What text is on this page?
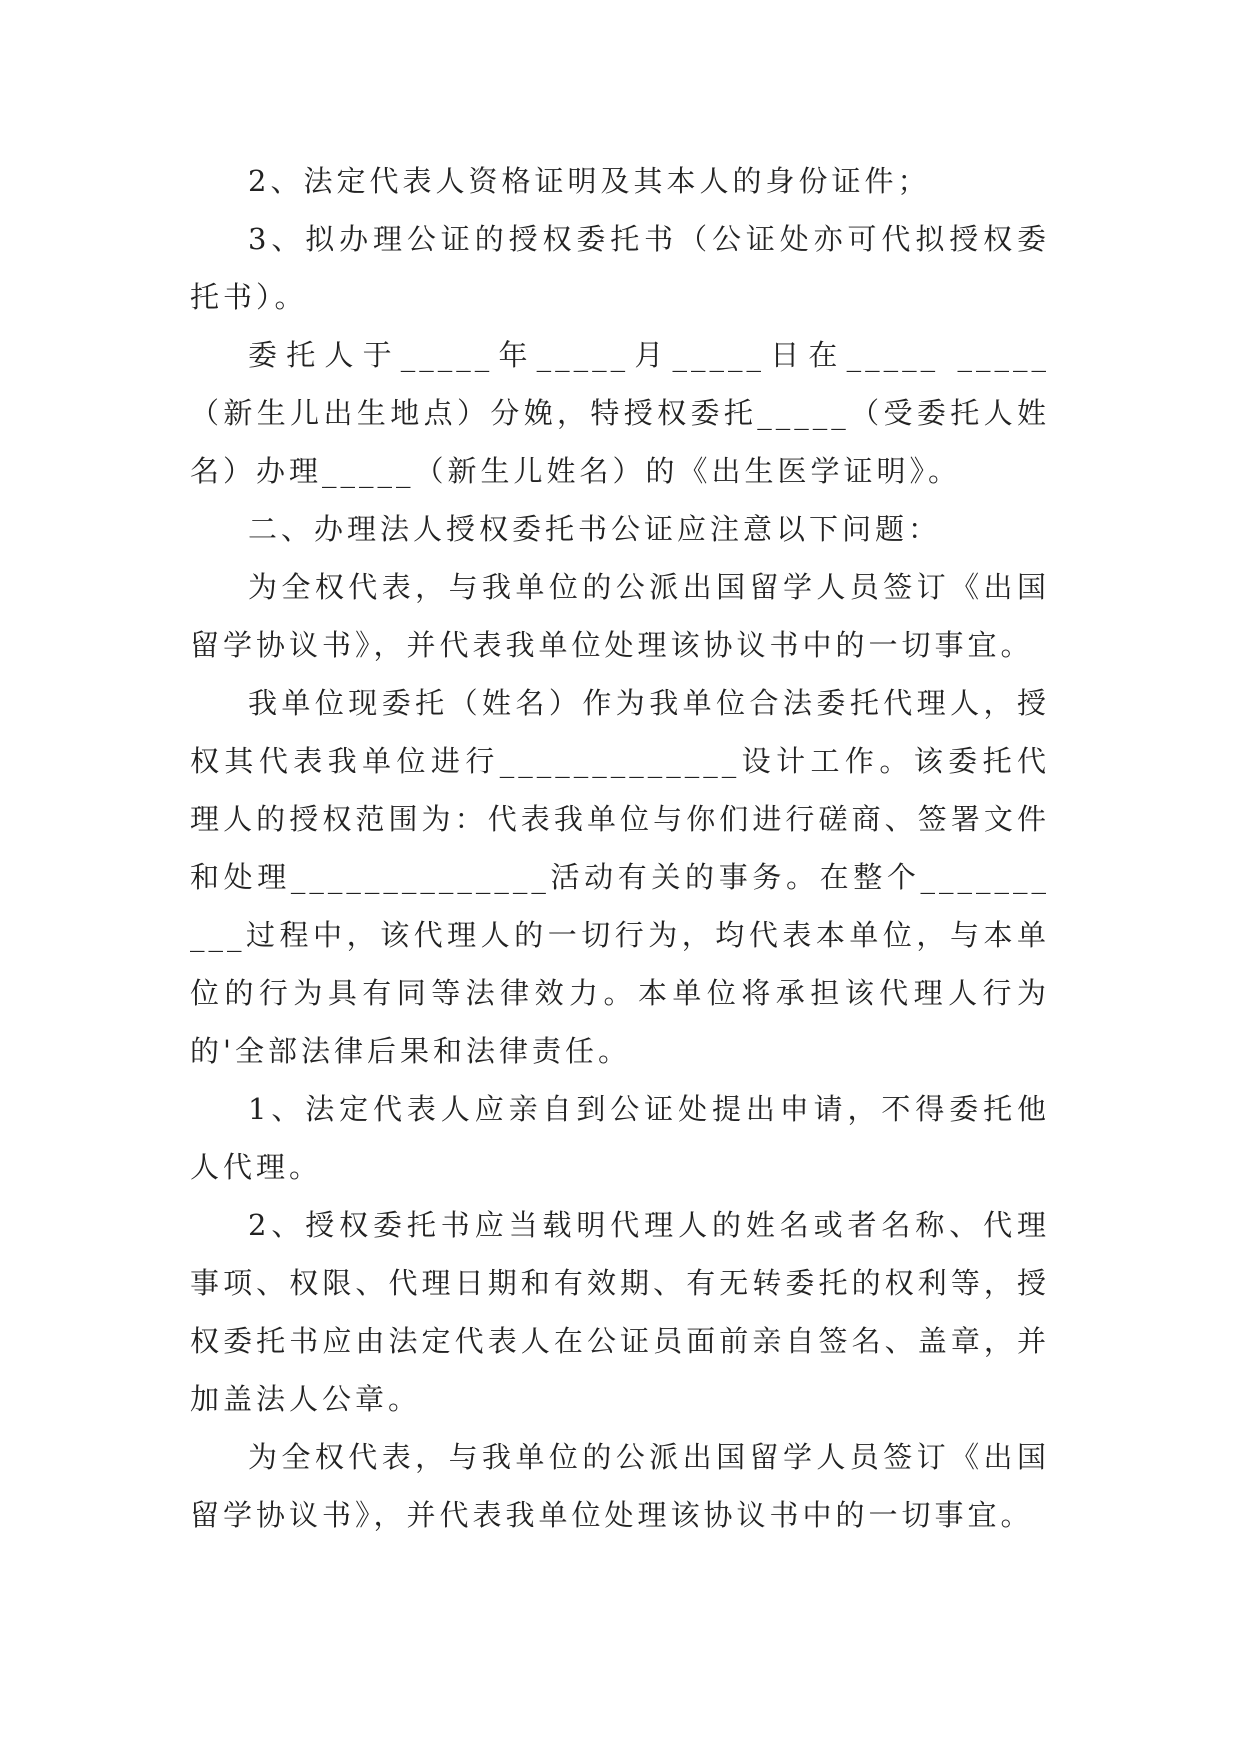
2、法定代表人资格证明及其本人的身份证件；

3、拟办理公证的授权委托书（公证处亦可代拟授权委托书）。

委托人于_____年_____月_____日在_____ _____ （新生儿出生地点）分娩，特授权委托_____（受委托人姓名）办理_____（新生儿姓名）的《出生医学证明》。

二、办理法人授权委托书公证应注意以下问题：

为全权代表，与我单位的公派出国留学人员签订《出国留学协议书》，并代表我单位处理该协议书中的一切事宜。

我单位现委托（姓名）作为我单位合法委托代理人，授权其代表我单位进行_____________设计工作。该委托代理人的授权范围为：代表我单位与你们进行磋商、签署文件和处理______________活动有关的事务。在整个__________过程中，该代理人的一切行为，均代表本单位，与本单位的行为具有同等法律效力。本单位将承担该代理人行为的'全部法律后果和法律责任。

1、法定代表人应亲自到公证处提出申请，不得委托他人代理。

2、授权委托书应当载明代理人的姓名或者名称、代理事项、权限、代理日期和有效期、有无转委托的权利等，授权委托书应由法定代表人在公证员面前亲自签名、盖章，并加盖法人公章。

为全权代表，与我单位的公派出国留学人员签订《出国留学协议书》，并代表我单位处理该协议书中的一切事宜。
